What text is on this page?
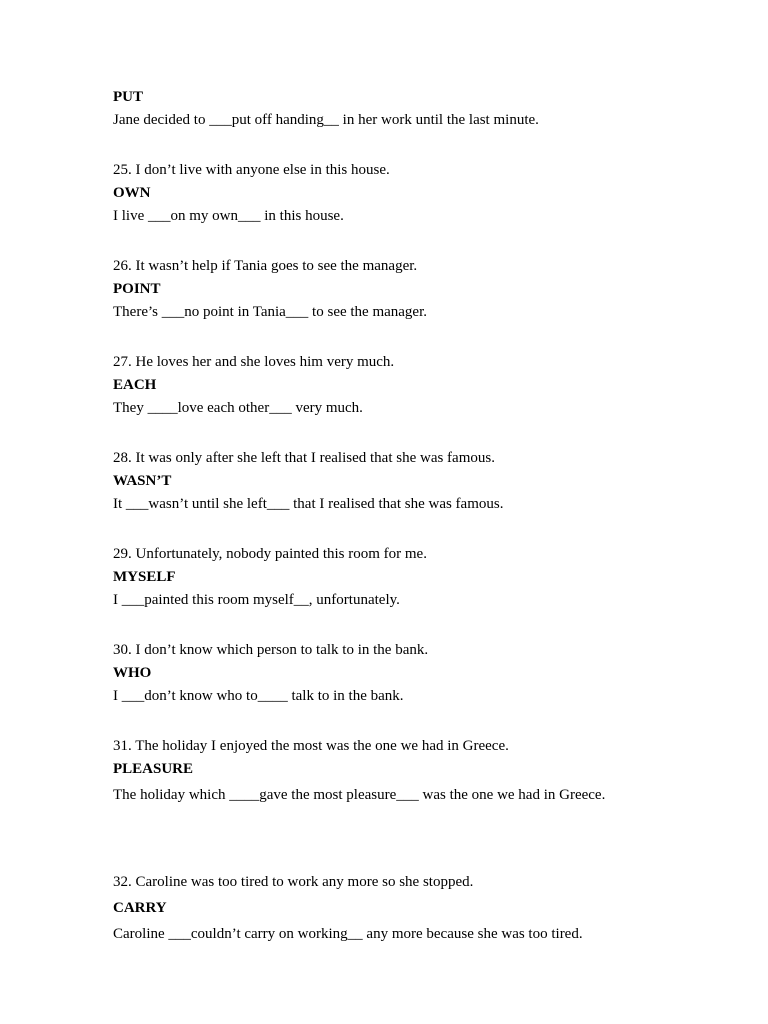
PUT

Jane decided to ___put off handing__ in her work until the last minute.

25. I don’t live with anyone else in this house.

OWN

I live ___on my own___ in this house.

26. It wasn’t help if Tania goes to see the manager.

POINT

There’s ___no point in Tania___ to see the manager.

27. He loves her and she loves him very much.

EACH

They ____love each other___ very much.

28. It was only after she left that I realised that she was famous.

WASN’T

It ___wasn’t until she left___ that I realised that she was famous.

29. Unfortunately, nobody painted this room for me.

MYSELF

I ___painted this room myself__, unfortunately.

30. I don’t know which person to talk to in the bank.

WHO

I ___don’t know who to____ talk to in the bank.

31. The holiday I enjoyed the most was the one we had in Greece.

PLEASURE

The holiday which ____gave the most pleasure___ was the one we had in Greece.

32. Caroline was too tired to work any more so she stopped.

CARRY

Caroline ___couldn’t carry on working__ any more because she was too tired.
